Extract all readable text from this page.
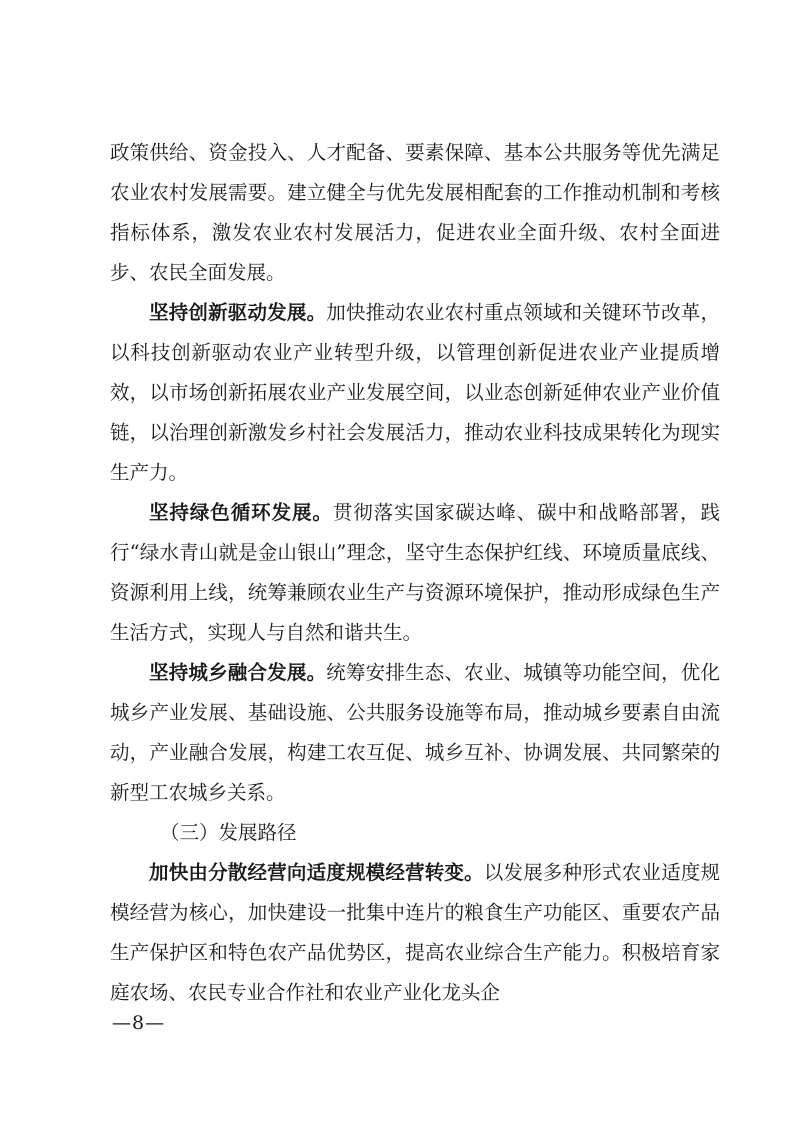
政策供给、资金投入、人才配备、要素保障、基本公共服务等优先满足农业农村发展需要。建立健全与优先发展相配套的工作推动机制和考核指标体系，激发农业农村发展活力，促进农业全面升级、农村全面进步、农民全面发展。

坚持创新驱动发展。加快推动农业农村重点领域和关键环节改革，以科技创新驱动农业产业转型升级，以管理创新促进农业产业提质增效，以市场创新拓展农业产业发展空间，以业态创新延伸农业产业价值链，以治理创新激发乡村社会发展活力，推动农业科技成果转化为现实生产力。

坚持绿色循环发展。贯彻落实国家碳达峰、碳中和战略部署，践行“绿水青山就是金山银山”理念，坚守生态保护红线、环境质量底线、资源利用上线，统筹兼顾农业生产与资源环境保护，推动形成绿色生产生活方式，实现人与自然和谐共生。

坚持城乡融合发展。统筹安排生态、农业、城镇等功能空间，优化城乡产业发展、基础设施、公共服务设施等布局，推动城乡要素自由流动，产业融合发展，构建工农互促、城乡互补、协调发展、共同繁荣的新型工农城乡关系。

（三）发展路径

加快由分散经营向适度规模经营转变。以发展多种形式农业适度规模经营为核心，加快建设一批集中连片的粮食生产功能区、重要农产品生产保护区和特色农产品优势区，提高农业综合生产能力。积极培育家庭农场、农民专业合作社和农业产业化龙头企

—8—
